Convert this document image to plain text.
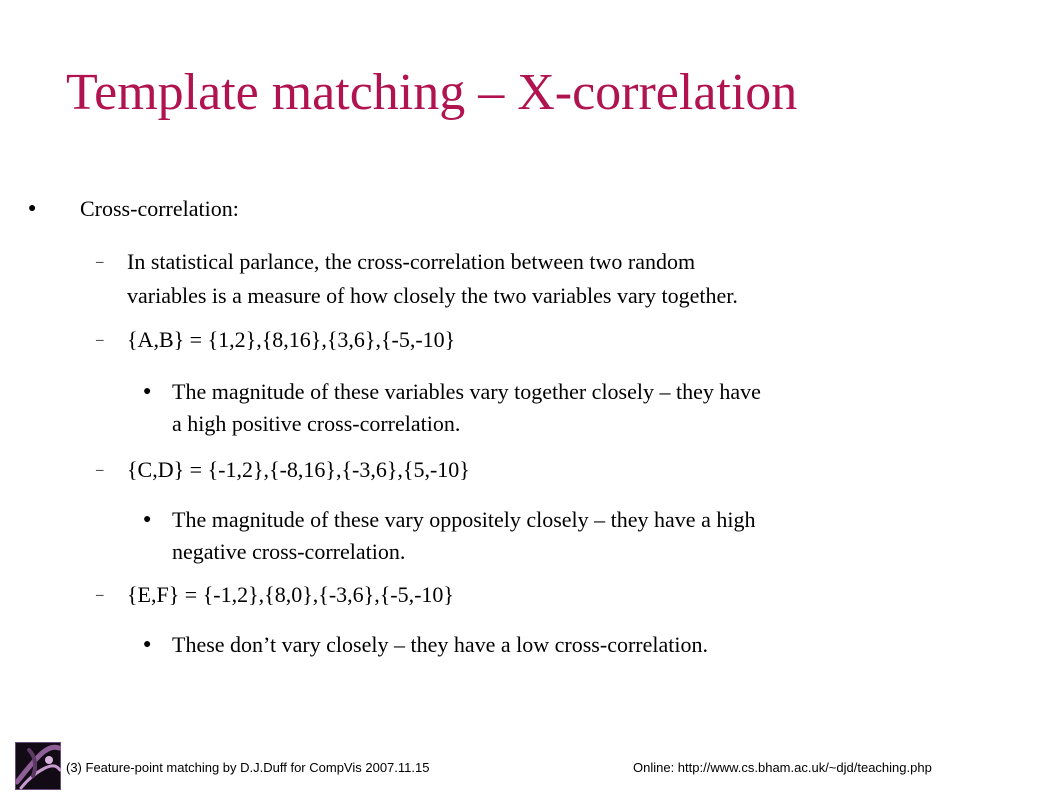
Template matching – X-correlation
● Cross-correlation:
– In statistical parlance, the cross-correlation between two random
variables is a measure of how closely the two variables vary together.
– {A,B} = {1,2},{8,16},{3,6},{-5,-10}
● The magnitude of these variables vary together closely – they have
a high positive cross-correlation.
– {C,D} = {-1,2},{-8,16},{-3,6},{5,-10}
● The magnitude of these vary oppositely closely – they have a high
negative cross-correlation.
– {E,F} = {-1,2},{8,0},{-3,6},{-5,-10}
● These don’t vary closely – they have a low cross-correlation.
(3) Feature-point matching by D.J.Duff for CompVis 2007.11.15	Online: http://www.cs.bham.ac.uk/~djd/teaching.php
